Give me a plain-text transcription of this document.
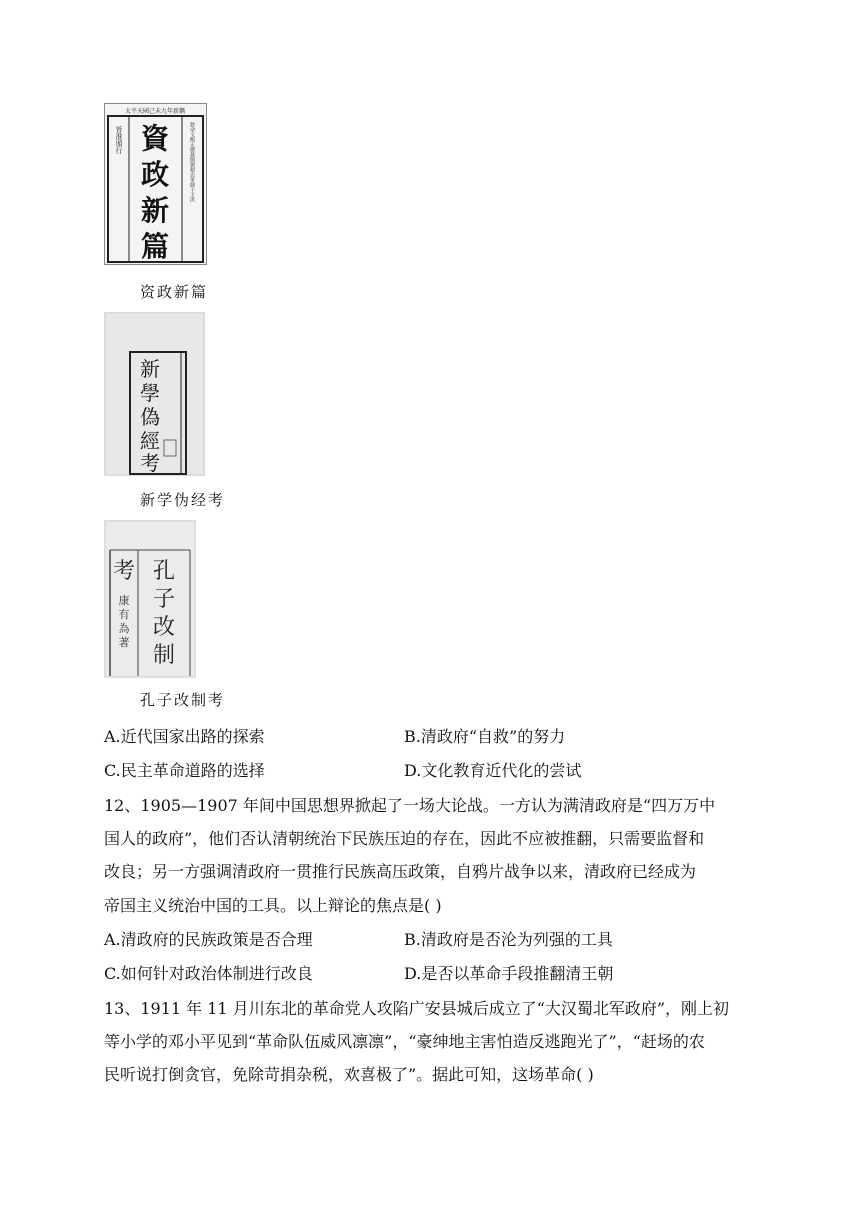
太平天國己未九年新鐫
旨准頒行	欽命文衡正總裁開朝精忠軍師干王洪
資
政
新
篇
资政新篇
新
學
偽
經
考
新学伪经考
孔
子
改
制
考
康
有
為
著
孔子改制考
A.近代国家出路的探索	B.清政府“自救”的努力
C.民主革命道路的选择	D.文化教育近代化的尝试
12、1905—1907 年间中国思想界掀起了一场大论战。一方认为满清政府是“四万万中
国人的政府”，他们否认清朝统治下民族压迫的存在，因此不应被推翻，只需要监督和
改良；另一方强调清政府一贯推行民族高压政策，自鸦片战争以来，清政府已经成为
帝国主义统治中国的工具。以上辩论的焦点是( )
A.清政府的民族政策是否合理	B.清政府是否沦为列强的工具
C.如何针对政治体制进行改良	D.是否以革命手段推翻清王朝
13、1911 年 11 月川东北的革命党人攻陷广安县城后成立了“大汉蜀北军政府”，刚上初
等小学的邓小平见到“革命队伍威风凛凛”，“豪绅地主害怕造反逃跑光了”，“赶场的农
民听说打倒贪官，免除苛捐杂税，欢喜极了”。据此可知，这场革命( )
